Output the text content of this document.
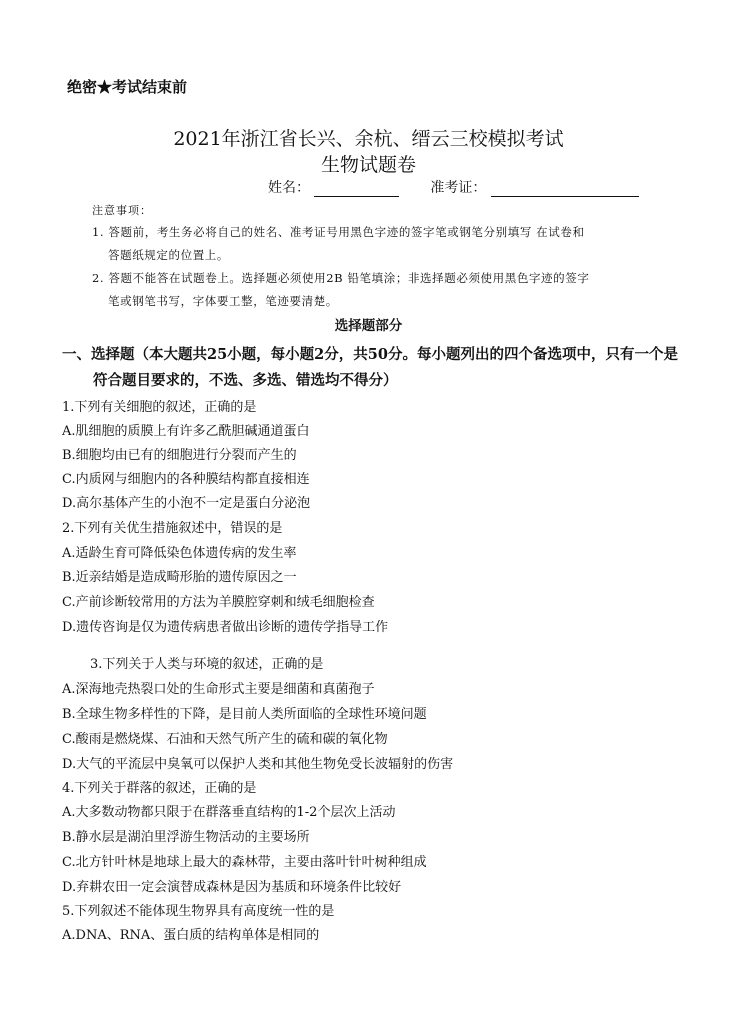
绝密★考试结束前
2021年浙江省长兴、余杭、缙云三校模拟考试
生物试题卷
姓名：	准考证：
注意事项：
1. 答题前，考生务必将自己的姓名、准考证号用黑色字迹的签字笔或钢笔分别填写 在试卷和
答题纸规定的位置上。
2. 答题不能答在试题卷上。选择题必须使用2B 铅笔填涂；非选择题必须使用黑色字迹的签字
笔或钢笔书写，字体要工整，笔迹要清楚。
选择题部分
一、选择题（本大题共25小题，每小题2分，共50分。每小题列出的四个备选项中，只有一个是
符合题目要求的，不选、多选、错选均不得分）
1.下列有关细胞的叙述，正确的是
A.肌细胞的质膜上有许多乙酰胆碱通道蛋白
B.细胞均由已有的细胞进行分裂而产生的
C.内质网与细胞内的各种膜结构都直接相连
D.高尔基体产生的小泡不一定是蛋白分泌泡
2.下列有关优生措施叙述中，错误的是
A.适龄生育可降低染色体遗传病的发生率
B.近亲结婚是造成畸形胎的遗传原因之一
C.产前诊断较常用的方法为羊膜腔穿刺和绒毛细胞检查
D.遗传咨询是仅为遗传病患者做出诊断的遗传学指导工作
3.下列关于人类与环境的叙述，正确的是
A.深海地壳热裂口处的生命形式主要是细菌和真菌孢子
B.全球生物多样性的下降，是目前人类所面临的全球性环境问题
C.酸雨是燃烧煤、石油和天然气所产生的硫和碳的氧化物
D.大气的平流层中臭氧可以保护人类和其他生物免受长波辐射的伤害
4.下列关于群落的叙述，正确的是
A.大多数动物都只限于在群落垂直结构的1-2个层次上活动
B.静水层是湖泊里浮游生物活动的主要场所
C.北方针叶林是地球上最大的森林带，主要由落叶针叶树种组成
D.弃耕农田一定会演替成森林是因为基质和环境条件比较好
5.下列叙述不能体现生物界具有高度统一性的是
A.DNA、RNA、蛋白质的结构单体是相同的
